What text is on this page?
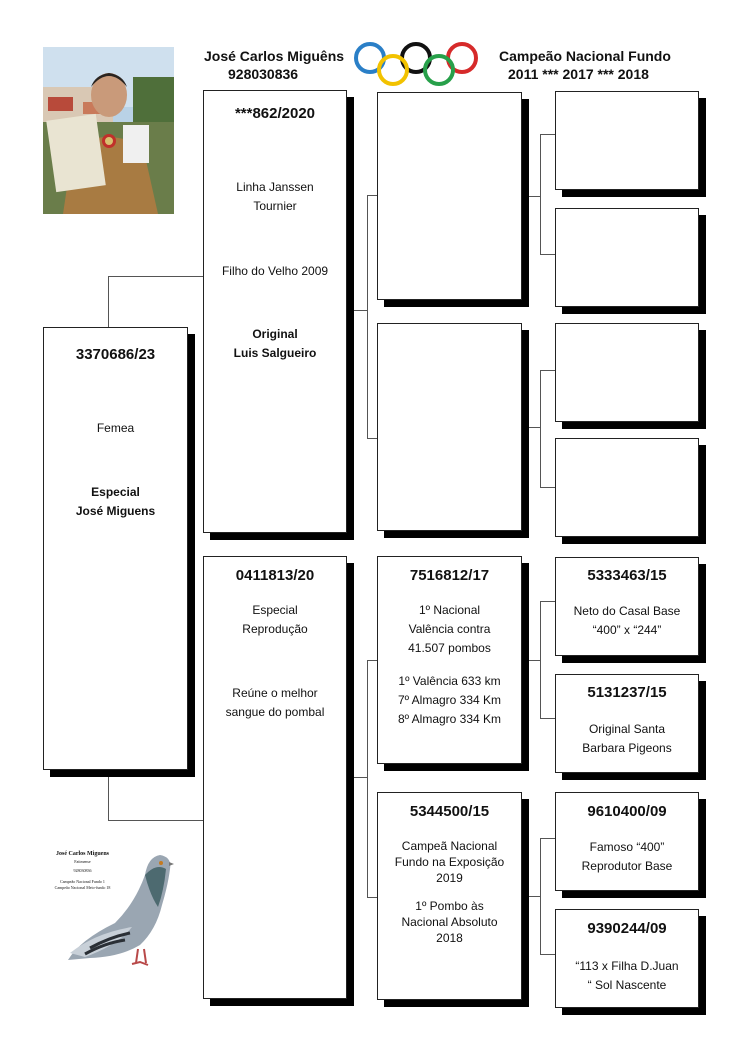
José Carlos Miguêns
928030836
Campeão Nacional Fundo
2011 *** 2017 *** 2018
3370686/23
Femea
Especial
José Miguens
***862/2020
Linha Janssen
Tournier
Filho do Velho 2009
Original
Luis Salgueiro
0411813/20
Especial
Reprodução
Reúne o melhor
sangue do pombal
7516812/17
1º Nacional
Valência contra
41.507 pombos
1º Valência 633 km
7º Almagro 334 Km
8º Almagro 334 Km
5344500/15
Campeã Nacional
Fundo na Exposição
2019
1º Pombo às
Nacional Absoluto
2018
5333463/15
Neto do Casal Base
“400” x “244”
5131237/15
Original Santa
Barbara Pigeons
9610400/09
Famoso “400”
Reprodutor Base
9390244/09
“113 x Filha D.Juan
“ Sol Nascente
José Carlos Miguens
Fatimense
928030836
Campeão Nacional Fundo 1
Campeão Nacional Meio-fundo 18
